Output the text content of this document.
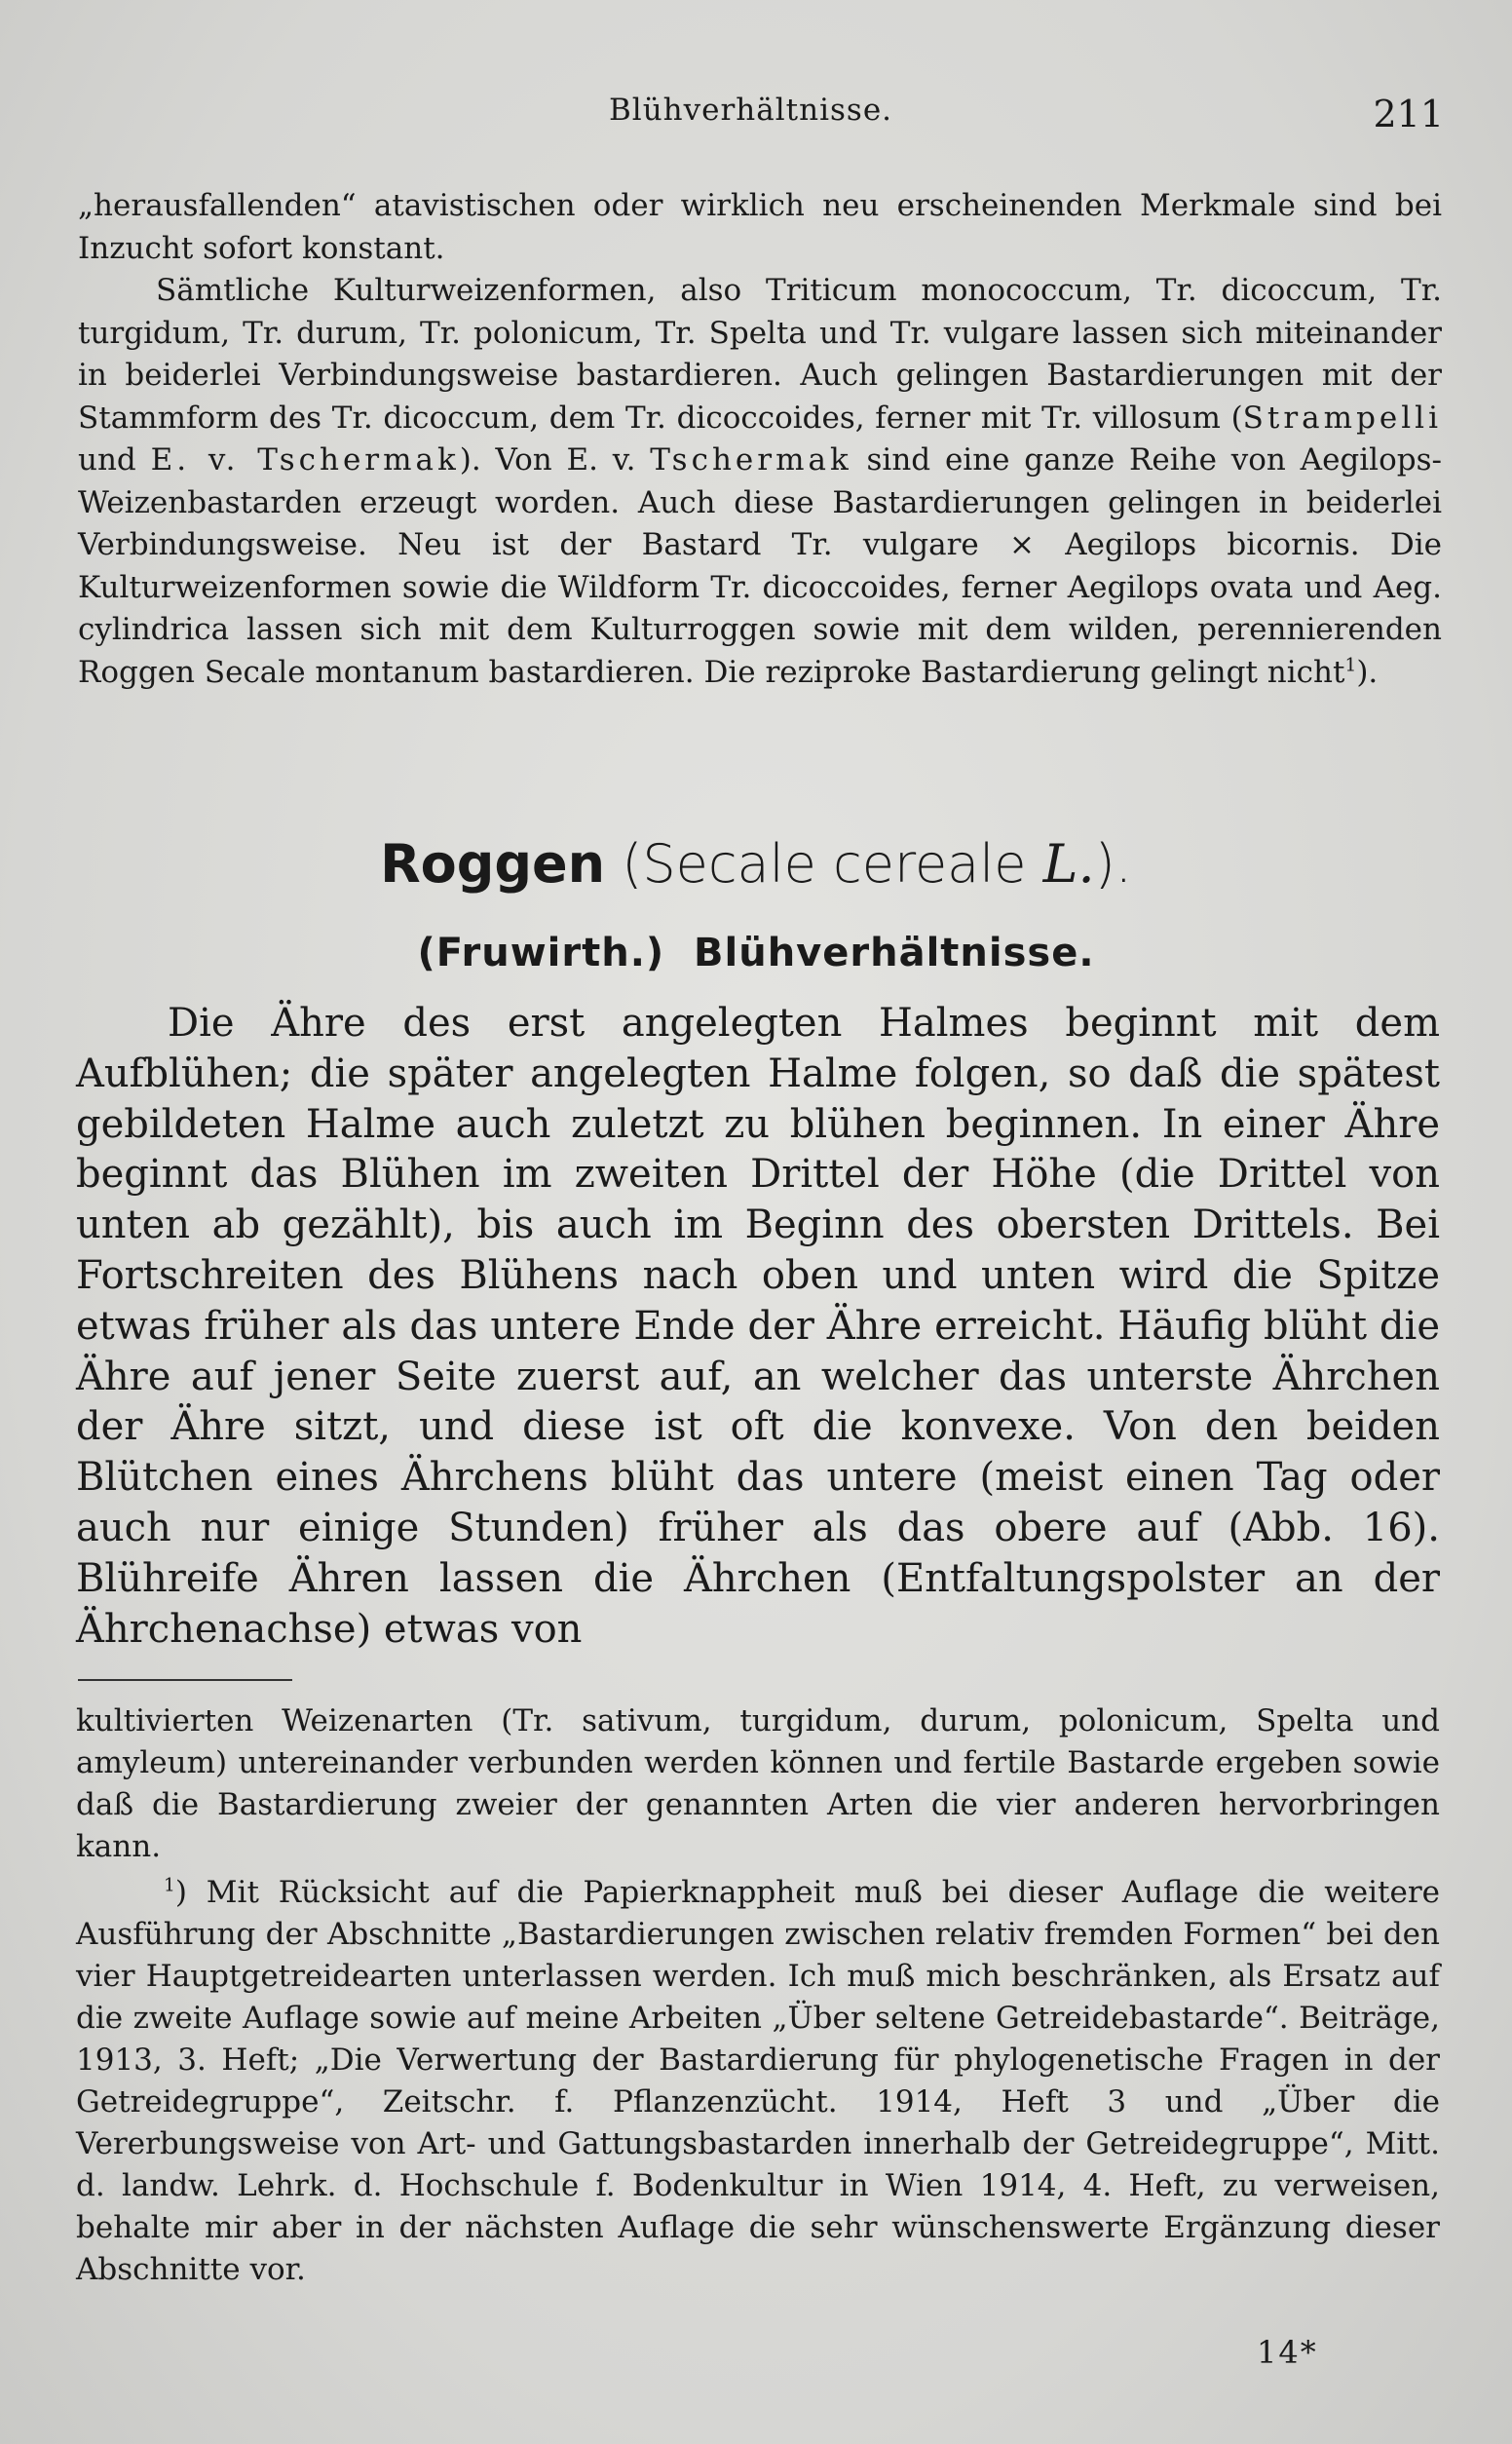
Blühverhältnisse.	211

„herausfallenden“ atavistischen oder wirklich neu erscheinenden Merkmale sind bei Inzucht sofort konstant.

Sämtliche Kulturweizenformen, also Triticum monococcum, Tr. dicoccum, Tr. turgidum, Tr. durum, Tr. polonicum, Tr. Spelta und Tr. vulgare lassen sich miteinander in beiderlei Verbindungsweise bastardieren. Auch gelingen Bastardierungen mit der Stammform des Tr. dicoccum, dem Tr. dicoccoides, ferner mit Tr. villosum (Strampelli und E. v. Tschermak). Von E. v. Tschermak sind eine ganze Reihe von Aegilops-Weizenbastarden erzeugt worden. Auch diese Bastardierungen gelingen in beiderlei Verbindungsweise. Neu ist der Bastard Tr. vulgare × Aegilops bicornis. Die Kulturweizenformen sowie die Wildform Tr. dicoccoides, ferner Aegilops ovata und Aeg. cylindrica lassen sich mit dem Kulturroggen sowie mit dem wilden, perennierenden Roggen Secale montanum bastardieren. Die reziproke Bastardierung gelingt nicht$^1$).

Roggen (Secale cereale L.).
(Fruwirth.) Blühverhältnisse.

Die Ähre des erst angelegten Halmes beginnt mit dem Aufblühen; die später angelegten Halme folgen, so daß die spätest gebildeten Halme auch zuletzt zu blühen beginnen. In einer Ähre beginnt das Blühen im zweiten Drittel der Höhe (die Drittel von unten ab gezählt), bis auch im Beginn des obersten Drittels. Bei Fortschreiten des Blühens nach oben und unten wird die Spitze etwas früher als das untere Ende der Ähre erreicht. Häufig blüht die Ähre auf jener Seite zuerst auf, an welcher das unterste Ährchen der Ähre sitzt, und diese ist oft die konvexe. Von den beiden Blütchen eines Ährchens blüht das untere (meist einen Tag oder auch nur einige Stunden) früher als das obere auf (Abb. 16). Blühreife Ähren lassen die Ährchen (Entfaltungspolster an der Ährchenachse) etwas von

kultivierten Weizenarten (Tr. sativum, turgidum, durum, polonicum, Spelta und amyleum) untereinander verbunden werden können und fertile Bastarde ergeben sowie daß die Bastardierung zweier der genannten Arten die vier anderen hervorbringen kann.

$^1$) Mit Rücksicht auf die Papierknappheit muß bei dieser Auflage die weitere Ausführung der Abschnitte „Bastardierungen zwischen relativ fremden Formen“ bei den vier Hauptgetreidearten unterlassen werden. Ich muß mich beschränken, als Ersatz auf die zweite Auflage sowie auf meine Arbeiten „Über seltene Getreidebastarde“. Beiträge, 1913, 3. Heft; „Die Verwertung der Bastardierung für phylogenetische Fragen in der Getreidegruppe“, Zeitschr. f. Pflanzenzücht. 1914, Heft 3 und „Über die Vererbungsweise von Art- und Gattungsbastarden innerhalb der Getreidegruppe“, Mitt. d. landw. Lehrk. d. Hochschule f. Bodenkultur in Wien 1914, 4. Heft, zu verweisen, behalte mir aber in der nächsten Auflage die sehr wünschenswerte Ergänzung dieser Abschnitte vor.

14*
